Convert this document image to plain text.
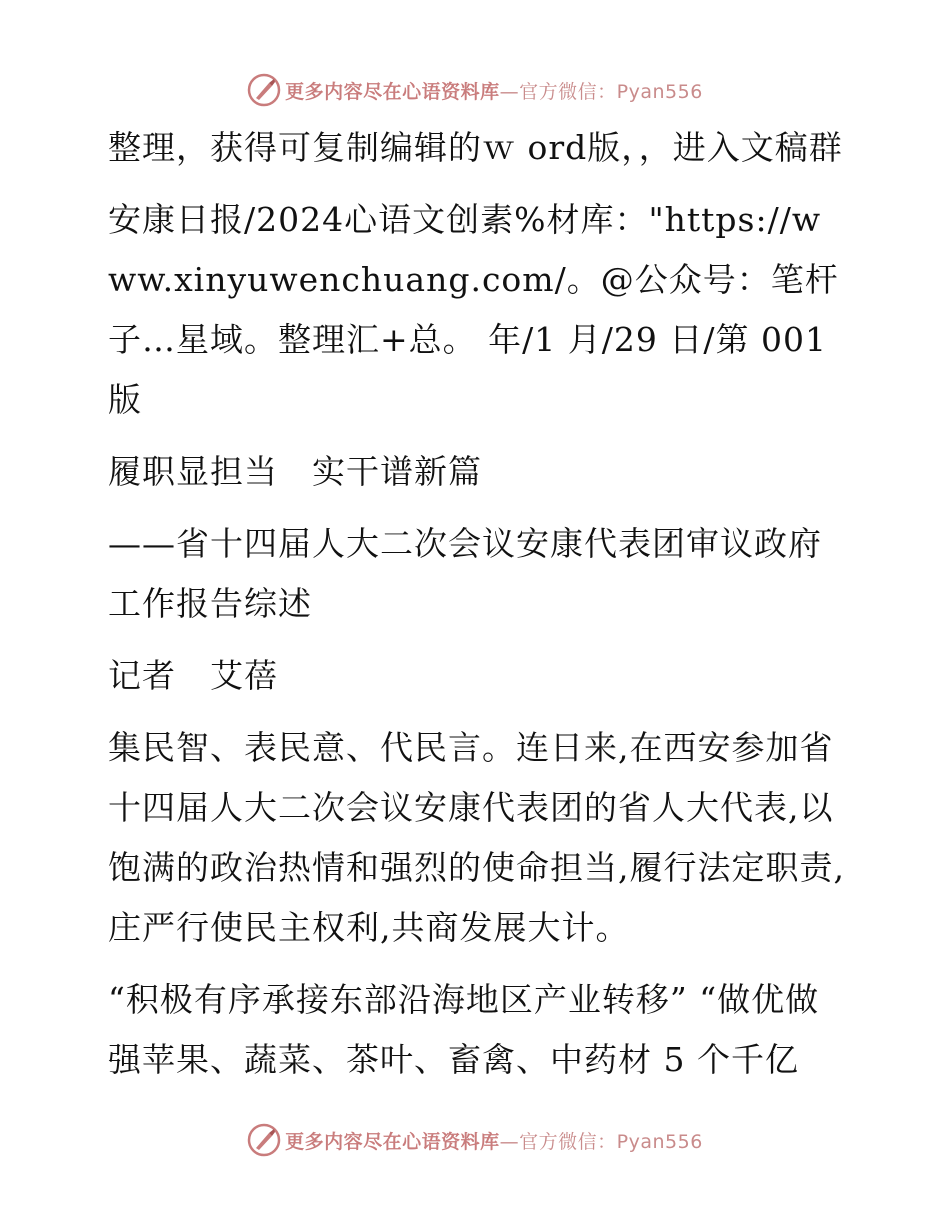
更多内容尽在心语资料库—官方微信：Pyan556

整理，获得可复制编辑的ｗ ord版，，进入文稿群

安康日报/2024心语文创素%材库："https://www.xinyuwenchuang.com/。@公众号：笔杆子…星域。整理汇+总。 年/1 月/29 日/第 001 版

履职显担当　实干谱新篇

——省十四届人大二次会议安康代表团审议政府工作报告综述

记者　艾蓓

集民智、表民意、代民言。连日来,在西安参加省十四届人大二次会议安康代表团的省人大代表,以饱满的政治热情和强烈的使命担当,履行法定职责,庄严行使民主权利,共商发展大计。

“积极有序承接东部沿海地区产业转移” “做优做强苹果、蔬菜、茶叶、畜禽、中药材 5 个千亿

更多内容尽在心语资料库—官方微信：Pyan556
